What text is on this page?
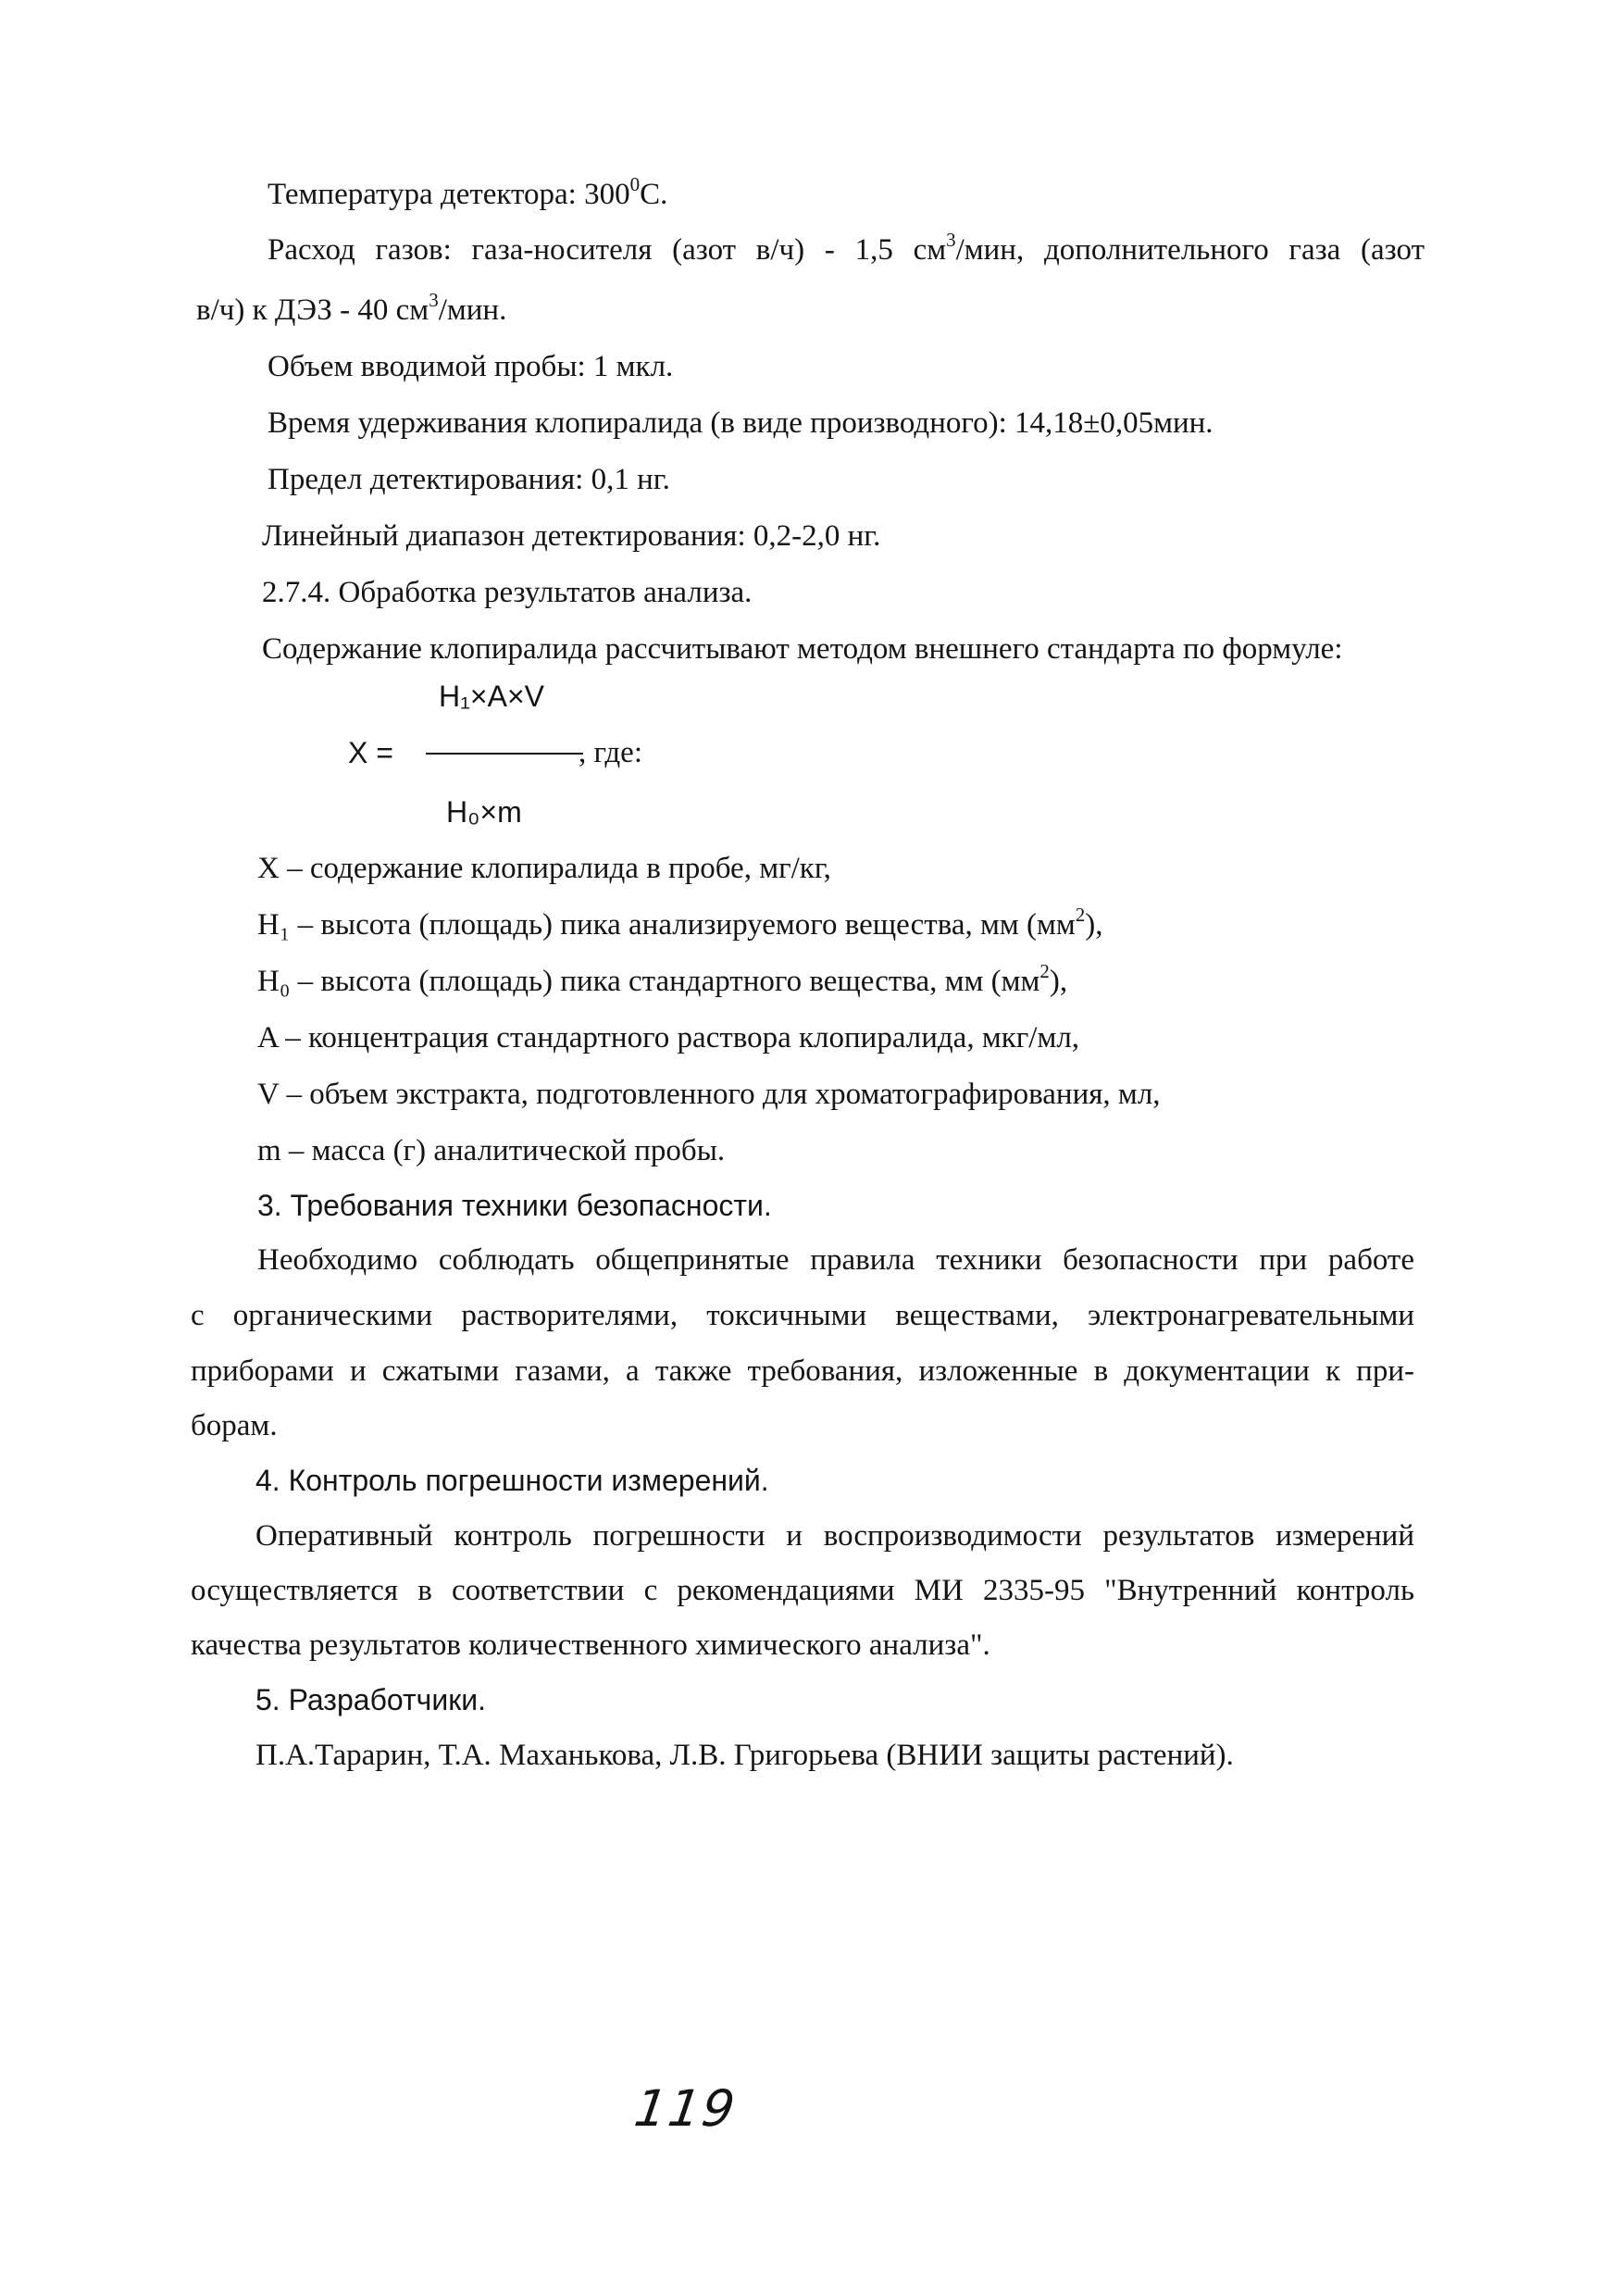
Температура детектора: $300^0С$.
Расход газов: газа-носителя (азот в/ч) - 1,5 $см^3$/мин, дополнительного газа (азот
в/ч) к ДЭЗ - 40 $см^3$/мин.
Объем вводимой пробы: 1 мкл.
Время удерживания клопиралида (в виде производного): 14,18±0,05мин.
Предел детектирования: 0,1 нг.
Линейный диапазон детектирования: 0,2-2,0 нг.
2.7.4. Обработка результатов анализа.
Содержание клопиралида рассчитывают методом внешнего стандарта по формуле:
H₁×A×V
X =	, где:
H₀×m
X – содержание клопиралида в пробе, мг/кг,
H₁ – высота (площадь) пика анализируемого вещества, мм $(мм^2)$,
H₀ – высота (площадь) пика стандартного вещества, мм $(мм^2)$,
A – концентрация стандартного раствора клопиралида, мкг/мл,
V – объем экстракта, подготовленного для хроматографирования, мл,
m – масса (г) аналитической пробы.
3. Требования техники безопасности.
Необходимо соблюдать общепринятые правила техники безопасности при работе
с органическими растворителями, токсичными веществами, электронагревательными
приборами и сжатыми газами, а также требования, изложенные в документации к при-
борам.
4. Контроль погрешности измерений.
Оперативный контроль погрешности и воспроизводимости результатов измерений
осуществляется в соответствии с рекомендациями МИ 2335-95 "Внутренний контроль
качества результатов количественного химического анализа".
5. Разработчики.
П.А.Тарарин, Т.А. Маханькова, Л.В. Григорьева (ВНИИ защиты растений).
119
